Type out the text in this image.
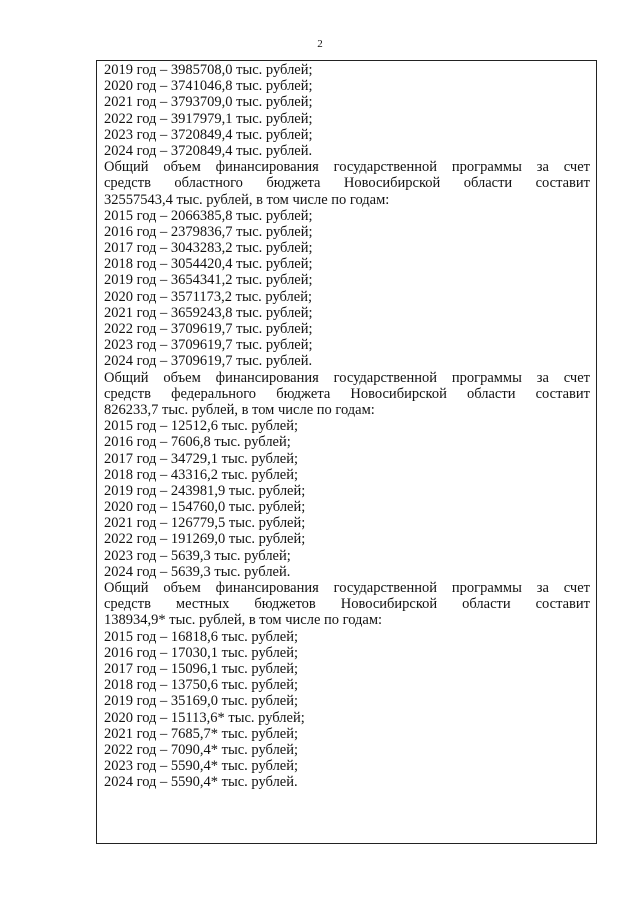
2
2019 год – 3985708,0 тыс. рублей;
2020 год – 3741046,8 тыс. рублей;
2021 год – 3793709,0 тыс. рублей;
2022 год – 3917979,1 тыс. рублей;
2023 год – 3720849,4 тыс. рублей;
2024 год – 3720849,4 тыс. рублей.
Общий объем финансирования государственной программы за счет
средств областного бюджета Новосибирской области составит
32557543,4 тыс. рублей, в том числе по годам:
2015 год – 2066385,8 тыс. рублей;
2016 год – 2379836,7 тыс. рублей;
2017 год – 3043283,2 тыс. рублей;
2018 год – 3054420,4 тыс. рублей;
2019 год – 3654341,2 тыс. рублей;
2020 год – 3571173,2 тыс. рублей;
2021 год – 3659243,8 тыс. рублей;
2022 год – 3709619,7 тыс. рублей;
2023 год – 3709619,7 тыс. рублей;
2024 год – 3709619,7 тыс. рублей.
Общий объем финансирования государственной программы за счет
средств федерального бюджета Новосибирской области составит
826233,7 тыс. рублей, в том числе по годам:
2015 год – 12512,6 тыс. рублей;
2016 год – 7606,8 тыс. рублей;
2017 год – 34729,1 тыс. рублей;
2018 год – 43316,2 тыс. рублей;
2019 год – 243981,9 тыс. рублей;
2020 год – 154760,0 тыс. рублей;
2021 год – 126779,5 тыс. рублей;
2022 год – 191269,0 тыс. рублей;
2023 год – 5639,3 тыс. рублей;
2024 год – 5639,3 тыс. рублей.
Общий объем финансирования государственной программы за счет
средств местных бюджетов Новосибирской области составит
138934,9* тыс. рублей, в том числе по годам:
2015 год – 16818,6 тыс. рублей;
2016 год – 17030,1 тыс. рублей;
2017 год – 15096,1 тыс. рублей;
2018 год – 13750,6 тыс. рублей;
2019 год – 35169,0 тыс. рублей;
2020 год – 15113,6* тыс. рублей;
2021 год – 7685,7* тыс. рублей;
2022 год – 7090,4* тыс. рублей;
2023 год – 5590,4* тыс. рублей;
2024 год – 5590,4* тыс. рублей.
